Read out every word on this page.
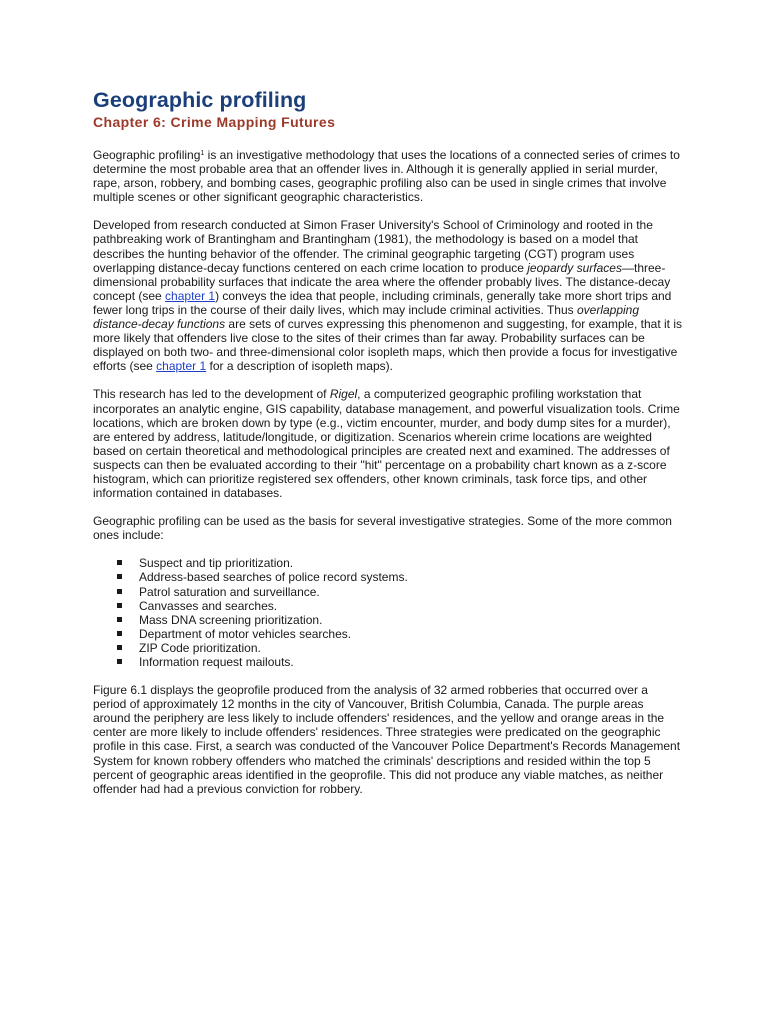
Geographic profiling
Chapter 6: Crime Mapping Futures

Geographic profiling$^1$ is an investigative methodology that uses the locations of a connected series of crimes to determine the most probable area that an offender lives in. Although it is generally applied in serial murder, rape, arson, robbery, and bombing cases, geographic profiling also can be used in single crimes that involve multiple scenes or other significant geographic characteristics.

Developed from research conducted at Simon Fraser University's School of Criminology and rooted in the pathbreaking work of Brantingham and Brantingham (1981), the methodology is based on a model that describes the hunting behavior of the offender. The criminal geographic targeting (CGT) program uses overlapping distance-decay functions centered on each crime location to produce jeopardy surfaces—three-dimensional probability surfaces that indicate the area where the offender probably lives. The distance-decay concept (see chapter 1) conveys the idea that people, including criminals, generally take more short trips and fewer long trips in the course of their daily lives, which may include criminal activities. Thus overlapping distance-decay functions are sets of curves expressing this phenomenon and suggesting, for example, that it is more likely that offenders live close to the sites of their crimes than far away. Probability surfaces can be displayed on both two- and three-dimensional color isopleth maps, which then provide a focus for investigative efforts (see chapter 1 for a description of isopleth maps).

This research has led to the development of Rigel, a computerized geographic profiling workstation that incorporates an analytic engine, GIS capability, database management, and powerful visualization tools. Crime locations, which are broken down by type (e.g., victim encounter, murder, and body dump sites for a murder), are entered by address, latitude/longitude, or digitization. Scenarios wherein crime locations are weighted based on certain theoretical and methodological principles are created next and examined. The addresses of suspects can then be evaluated according to their "hit" percentage on a probability chart known as a z-score histogram, which can prioritize registered sex offenders, other known criminals, task force tips, and other information contained in databases.

Geographic profiling can be used as the basis for several investigative strategies. Some of the more common ones include:

Suspect and tip prioritization.
Address-based searches of police record systems.
Patrol saturation and surveillance.
Canvasses and searches.
Mass DNA screening prioritization.
Department of motor vehicles searches.
ZIP Code prioritization.
Information request mailouts.

Figure 6.1 displays the geoprofile produced from the analysis of 32 armed robberies that occurred over a period of approximately 12 months in the city of Vancouver, British Columbia, Canada. The purple areas around the periphery are less likely to include offenders' residences, and the yellow and orange areas in the center are more likely to include offenders' residences. Three strategies were predicated on the geographic profile in this case. First, a search was conducted of the Vancouver Police Department's Records Management System for known robbery offenders who matched the criminals' descriptions and resided within the top 5 percent of geographic areas identified in the geoprofile. This did not produce any viable matches, as neither offender had had a previous conviction for robbery.
